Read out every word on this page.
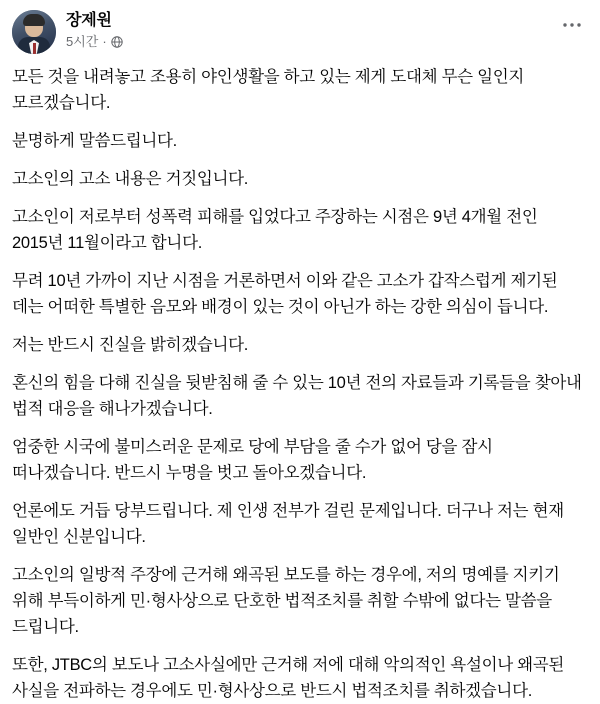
장제원
5시간 ·

모든 것을 내려놓고 조용히 야인생활을 하고 있는 제게 도대체 무슨 일인지 모르겠습니다.

분명하게 말씀드립니다.

고소인의 고소 내용은 거짓입니다.

고소인이 저로부터 성폭력 피해를 입었다고 주장하는 시점은 9년 4개월 전인 2015년 11월이라고 합니다.

무려 10년 가까이 지난 시점을 거론하면서 이와 같은 고소가 갑작스럽게 제기된 데는 어떠한 특별한 음모와 배경이 있는 것이 아닌가 하는 강한 의심이 듭니다.

저는 반드시 진실을 밝히겠습니다.

혼신의 힘을 다해 진실을 뒷받침해 줄 수 있는 10년 전의 자료들과 기록들을 찾아내 법적 대응을 해나가겠습니다.

엄중한 시국에 불미스러운 문제로 당에 부담을 줄 수가 없어 당을 잠시 떠나겠습니다. 반드시 누명을 벗고 돌아오겠습니다.

언론에도 거듭 당부드립니다. 제 인생 전부가 걸린 문제입니다. 더구나 저는 현재 일반인 신분입니다.

고소인의 일방적 주장에 근거해 왜곡된 보도를 하는 경우에, 저의 명예를 지키기 위해 부득이하게 민·형사상으로 단호한 법적조치를 취할 수밖에 없다는 말씀을 드립니다.

또한, JTBC의 보도나 고소사실에만 근거해 저에 대해 악의적인 욕설이나 왜곡된 사실을 전파하는 경우에도 민·형사상으로 반드시 법적조치를 취하겠습니다.
